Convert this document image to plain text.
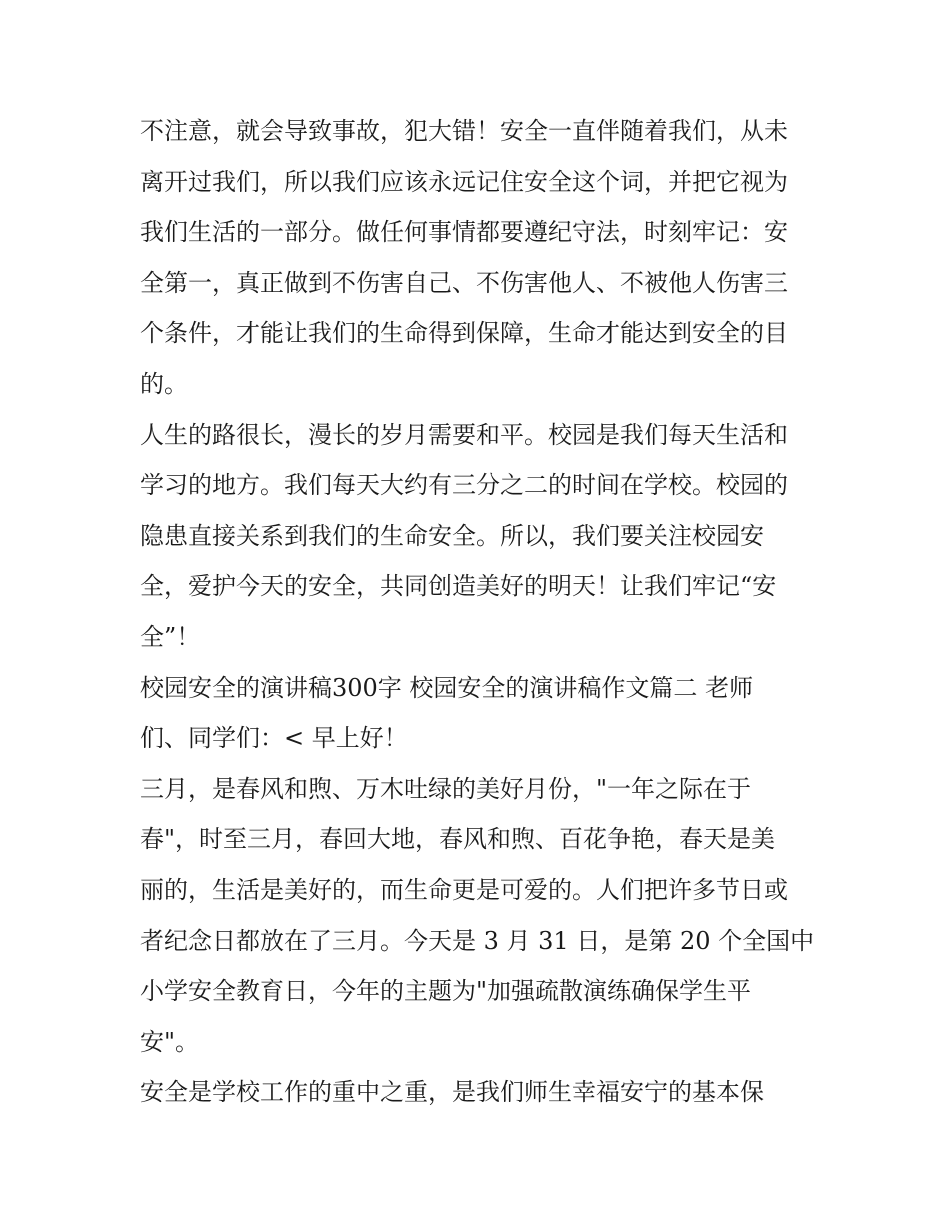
不注意，就会导致事故，犯大错！安全一直伴随着我们，从未
离开过我们，所以我们应该永远记住安全这个词，并把它视为
我们生活的一部分。做任何事情都要遵纪守法，时刻牢记：安
全第一，真正做到不伤害自己、不伤害他人、不被他人伤害三
个条件，才能让我们的生命得到保障，生命才能达到安全的目
的。
人生的路很长，漫长的岁月需要和平。校园是我们每天生活和
学习的地方。我们每天大约有三分之二的时间在学校。校园的
隐患直接关系到我们的生命安全。所以，我们要关注校园安
全，爱护今天的安全，共同创造美好的明天！让我们牢记“安
全”！
校园安全的演讲稿300字 校园安全的演讲稿作文篇二 老师
们、同学们：< 早上好！
三月，是春风和煦、万木吐绿的美好月份，"一年之际在于
春"，时至三月，春回大地，春风和煦、百花争艳，春天是美
丽的，生活是美好的，而生命更是可爱的。人们把许多节日或
者纪念日都放在了三月。今天是 3 月 31 日，是第 20 个全国中
小学安全教育日，今年的主题为"加强疏散演练确保学生平
安"。
安全是学校工作的重中之重，是我们师生幸福安宁的基本保
